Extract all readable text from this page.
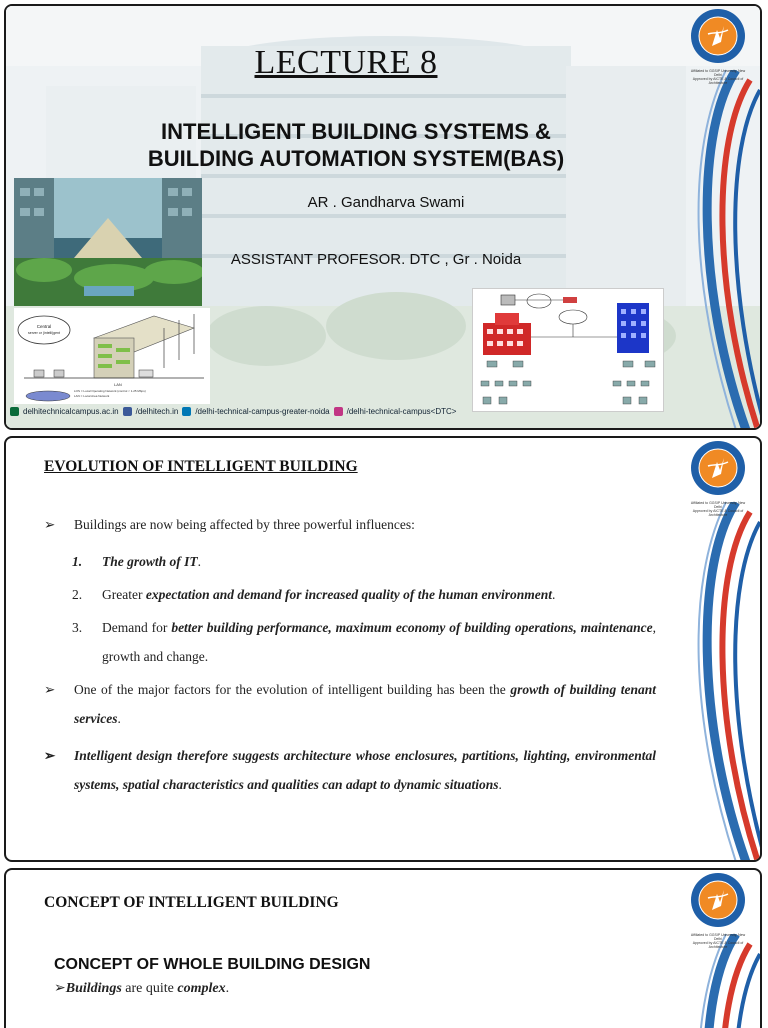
LECTURE 8
INTELLIGENT BUILDING SYSTEMS &
BUILDING AUTOMATION SYSTEM(BAS)
AR . Gandharva Swami
ASSISTANT PROFESOR. DTC , Gr . Noida
Central
server or (intelli)gent
LAN
LOS = Local Operating Network (control < 1.25 Mbps)
LAN = Local Area Network
delhitechnicalcampus.ac.in /delhitech.in /delhi-technical-campus-greater-noida /delhi-technical-campus<DTC>
Affiliated to GGSIP University, New Delhi
Approved by AICTE & Council of Architecture
Affiliated to GGSIP University, New Delhi
Approved by AICTE & Council of Architecture
EVOLUTION OF INTELLIGENT BUILDING

➢ Buildings are now being affected by three powerful influences:

1. The growth of IT.

2. Greater expectation and demand for increased quality of the human environment.

3. Demand for better building performance, maximum economy of building operations, maintenance, growth and change.

➢ One of the major factors for the evolution of intelligent building has been the growth of building tenant services.

➢ Intelligent design therefore suggests architecture whose enclosures, partitions, lighting, environmental systems, spatial characteristics and qualities can adapt to dynamic situations.

Affiliated to GGSIP University, New Delhi
Approved by AICTE & Council of Architecture
CONCEPT OF INTELLIGENT BUILDING
CONCEPT OF WHOLE BUILDING DESIGN
➢Buildings are quite complex.
